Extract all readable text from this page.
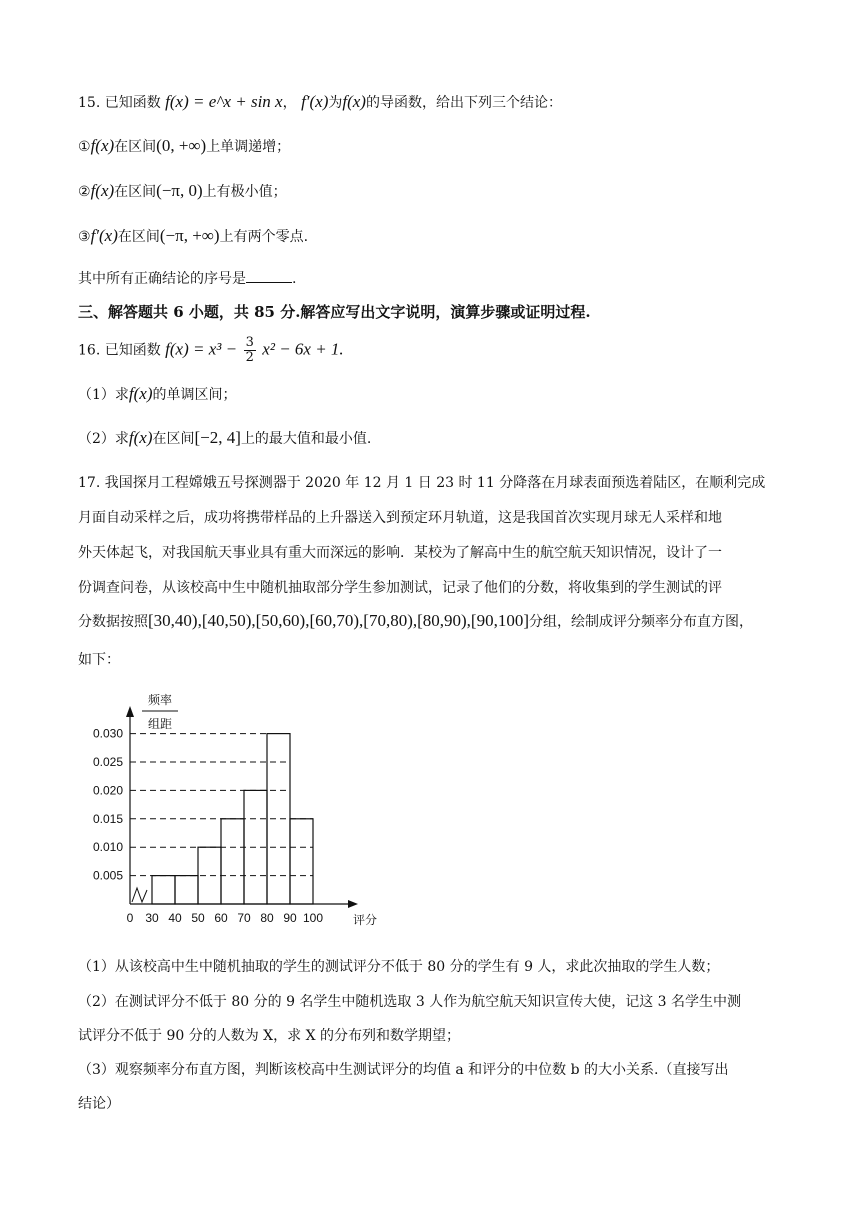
15. 已知函数 f(x) = e^x + sin x， f′(x)为f(x)的导函数，给出下列三个结论：
①f(x)在区间(0, +∞)上单调递增；
②f(x)在区间(−π, 0)上有极小值；
③f′(x)在区间(−π, +∞)上有两个零点.
其中所有正确结论的序号是	.
三、解答题共 6 小题，共 85 分.解答应写出文字说明，演算步骤或证明过程.
16. 已知函数 $f(x) = x^3 - \frac{3}{2} x^2 - 6x + 1$.
（1）求f(x)的单调区间；
（2）求f(x)在区间[−2, 4]上的最大值和最小值.
17. 我国探月工程嫦娥五号探测器于 2020 年 12 月 1 日 23 时 11 分降落在月球表面预选着陆区，在顺利完成
月面自动采样之后，成功将携带样品的上升器送入到预定环月轨道，这是我国首次实现月球无人采样和地
外天体起飞，对我国航天事业具有重大而深远的影响．某校为了解高中生的航空航天知识情况，设计了一
份调查问卷，从该校高中生中随机抽取部分学生参加测试，记录了他们的分数，将收集到的学生测试的评
分数据按照[30,40),[40,50),[50,60),[60,70),[70,80),[80,90),[90,100]分组，绘制成评分频率分布直方图，
如下：
0.005
0.010
0.015
0.020
0.025
0.030
30 40 50 60 70 80 90 100
0	评分
频率
组距
（1）从该校高中生中随机抽取的学生的测试评分不低于 80 分的学生有 9 人，求此次抽取的学生人数；
（2）在测试评分不低于 80 分的 9 名学生中随机选取 3 人作为航空航天知识宣传大使，记这 3 名学生中测
试评分不低于 90 分的人数为 X，求 X 的分布列和数学期望；
（3）观察频率分布直方图，判断该校高中生测试评分的均值 a 和评分的中位数 b 的大小关系.（直接写出
结论）
